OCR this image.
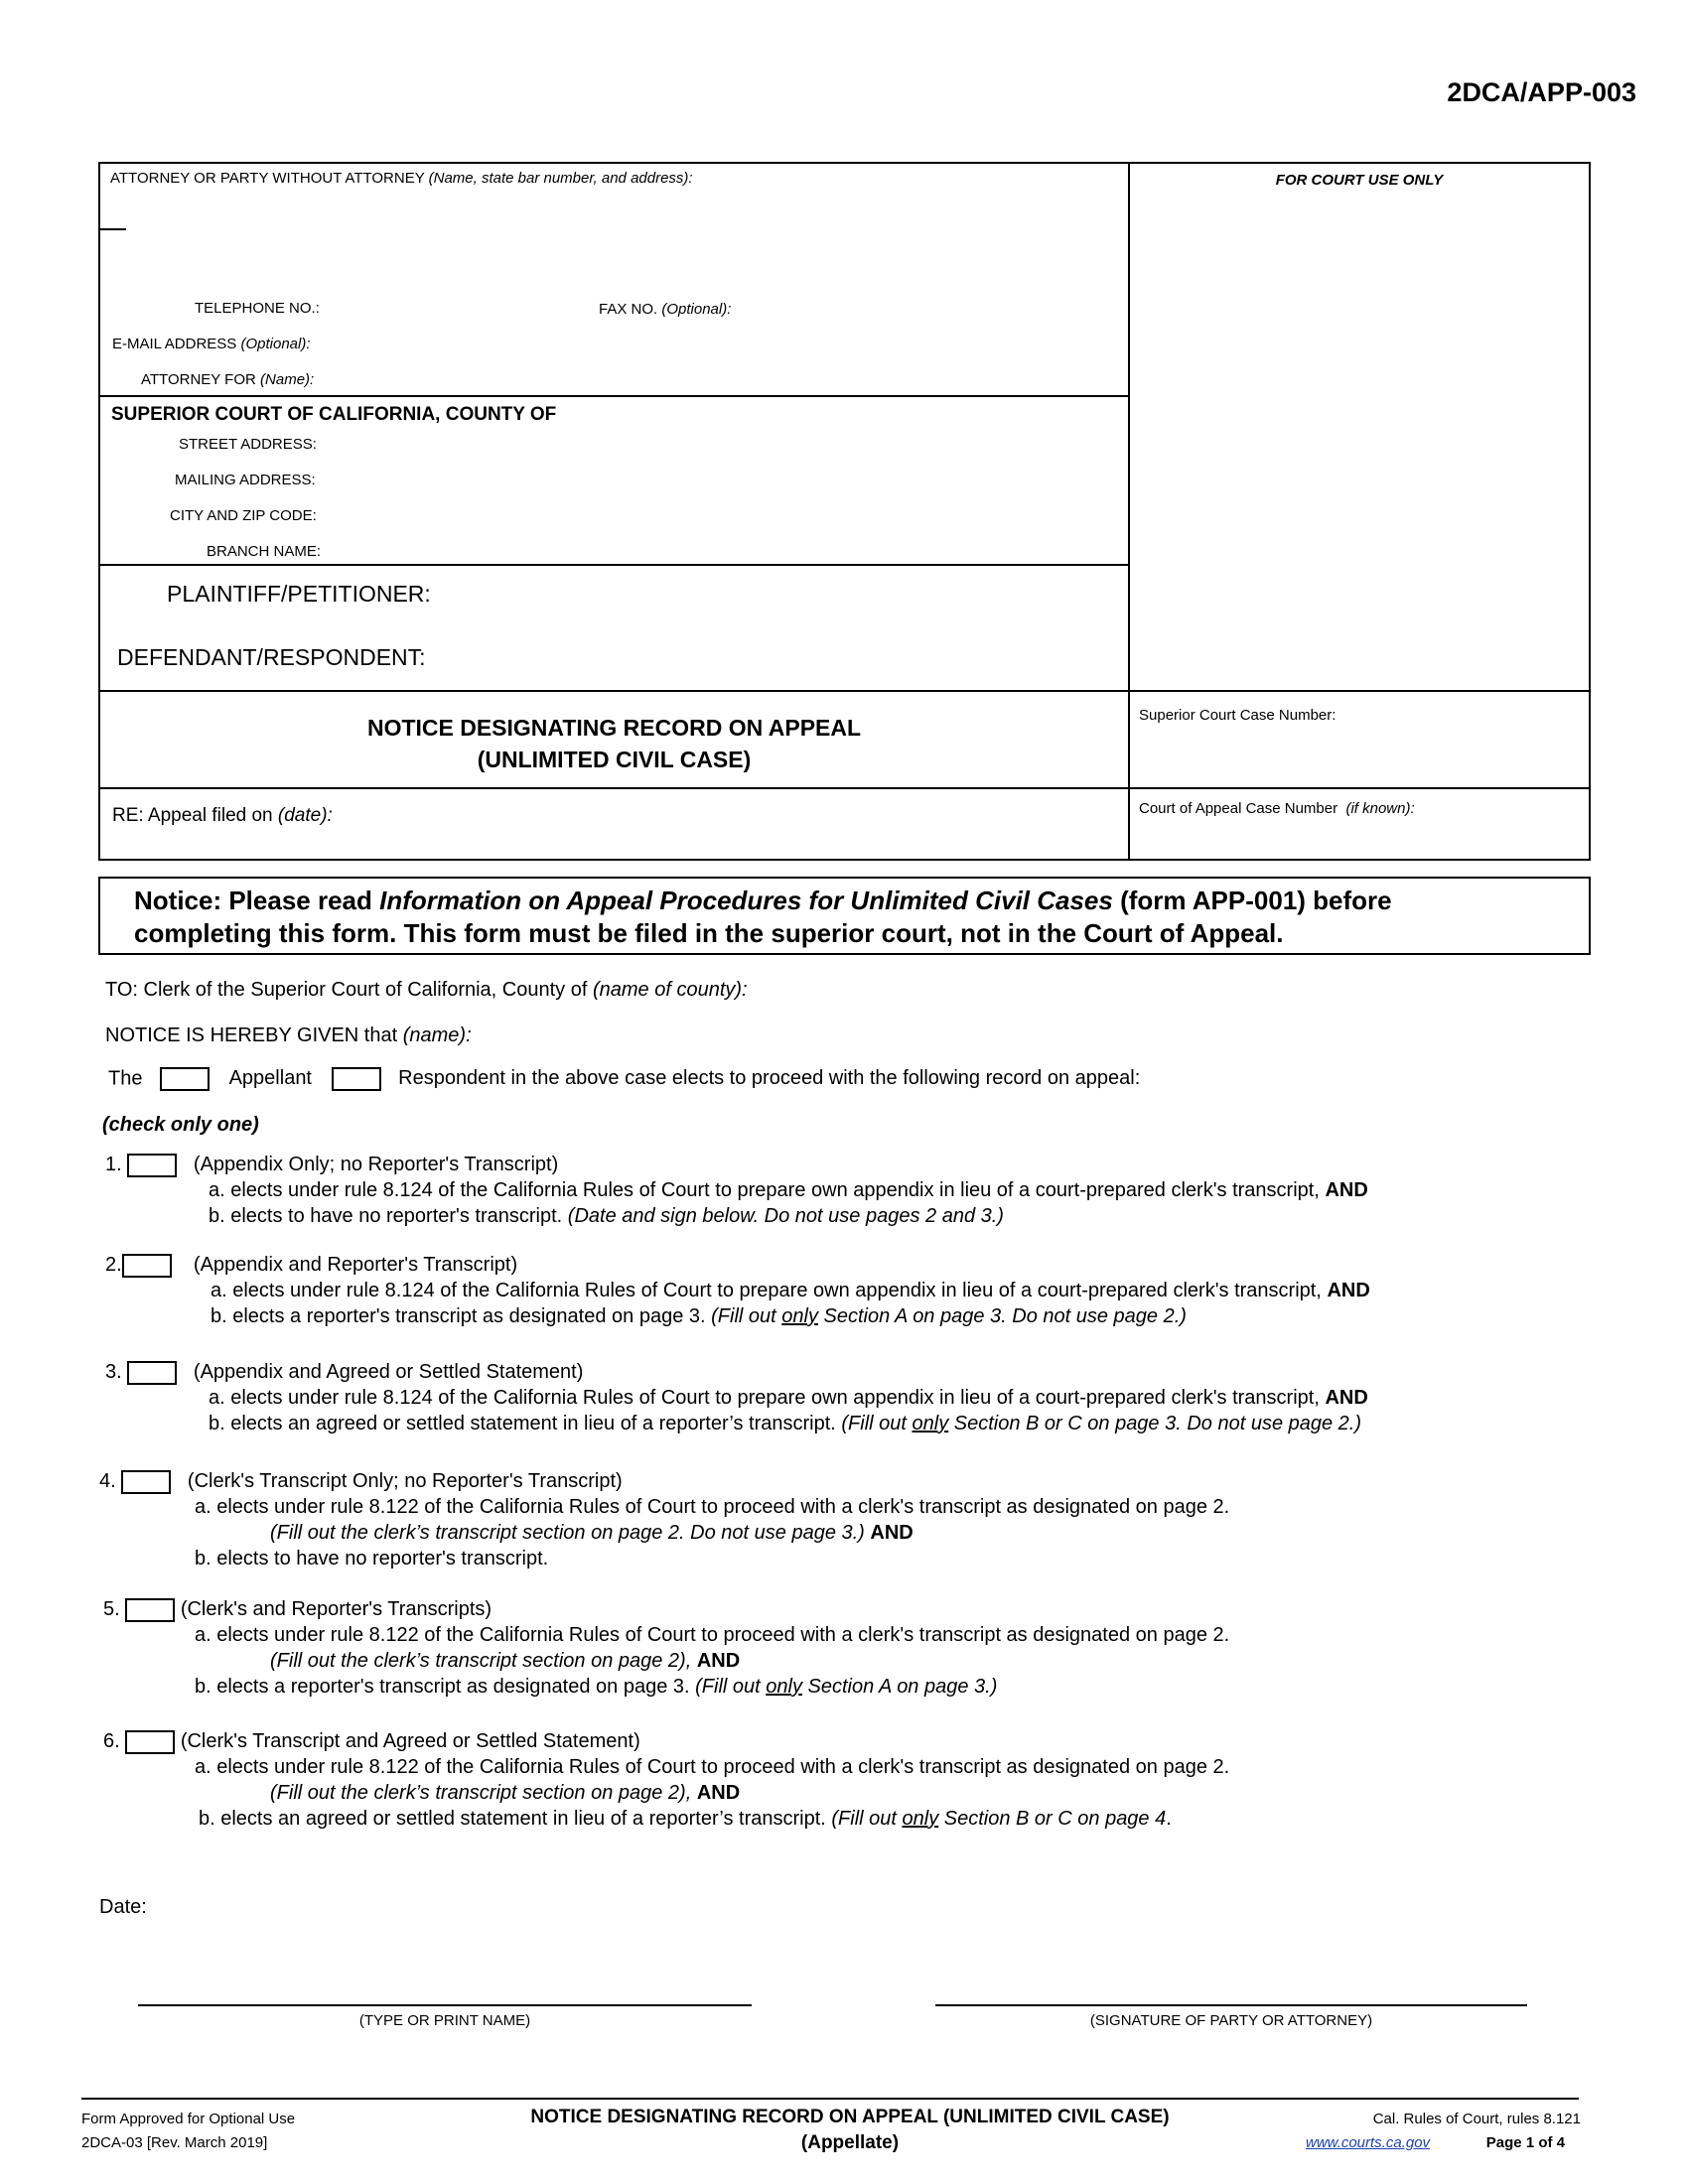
2DCA/APP-003
FOR COURT USE ONLY
ATTORNEY OR PARTY WITHOUT ATTORNEY (Name, state bar number, and address):
TELEPHONE NO.:	FAX NO. (Optional):
E-MAIL ADDRESS (Optional):
ATTORNEY FOR (Name):
SUPERIOR COURT OF CALIFORNIA, COUNTY OF
STREET ADDRESS:
MAILING ADDRESS:
CITY AND ZIP CODE:
BRANCH NAME:
PLAINTIFF/PETITIONER:
DEFENDANT/RESPONDENT:
NOTICE DESIGNATING RECORD ON APPEAL
(UNLIMITED CIVIL CASE)
Superior Court Case Number:
RE: Appeal filed on (date):	Court of Appeal Case Number (if known):
Notice: Please read Information on Appeal Procedures for Unlimited Civil Cases (form APP-001) before
completing this form. This form must be filed in the superior court, not in the Court of Appeal.
TO: Clerk of the Superior Court of California, County of (name of county):
NOTICE IS HEREBY GIVEN that (name):
The	Appellant	Respondent in the above case elects to proceed with the following record on appeal:
(check only one)
1.	(Appendix Only; no Reporter's Transcript)
a. elects under rule 8.124 of the California Rules of Court to prepare own appendix in lieu of a court-prepared clerk's transcript, AND
b. elects to have no reporter's transcript. (Date and sign below. Do not use pages 2 and 3.)
2.	(Appendix and Reporter's Transcript)
a. elects under rule 8.124 of the California Rules of Court to prepare own appendix in lieu of a court-prepared clerk's transcript, AND
b. elects a reporter's transcript as designated on page 3. (Fill out only Section A on page 3. Do not use page 2.)
3.	(Appendix and Agreed or Settled Statement)
a. elects under rule 8.124 of the California Rules of Court to prepare own appendix in lieu of a court-prepared clerk's transcript, AND
b. elects an agreed or settled statement in lieu of a reporter’s transcript. (Fill out only Section B or C on page 3. Do not use page 2.)
4.	(Clerk's Transcript Only; no Reporter's Transcript)
a. elects under rule 8.122 of the California Rules of Court to proceed with a clerk's transcript as designated on page 2.
(Fill out the clerk’s transcript section on page 2. Do not use page 3.) AND
b. elects to have no reporter's transcript.
5.	(Clerk's and Reporter's Transcripts)
a. elects under rule 8.122 of the California Rules of Court to proceed with a clerk's transcript as designated on page 2.
(Fill out the clerk’s transcript section on page 2), AND
b. elects a reporter's transcript as designated on page 3. (Fill out only Section A on page 3.)
6.	(Clerk's Transcript and Agreed or Settled Statement)
a. elects under rule 8.122 of the California Rules of Court to proceed with a clerk's transcript as designated on page 2.
(Fill out the clerk’s transcript section on page 2), AND
b. elects an agreed or settled statement in lieu of a reporter’s transcript. (Fill out only Section B or C on page 4.
Date:
(TYPE OR PRINT NAME)	(SIGNATURE OF PARTY OR ATTORNEY)
Form Approved for Optional Use
2DCA-03 [Rev. March 2019]
NOTICE DESIGNATING RECORD ON APPEAL (UNLIMITED CIVIL CASE)
(Appellate)
Cal. Rules of Court, rules 8.121
www.courts.ca.gov	Page 1 of 4
